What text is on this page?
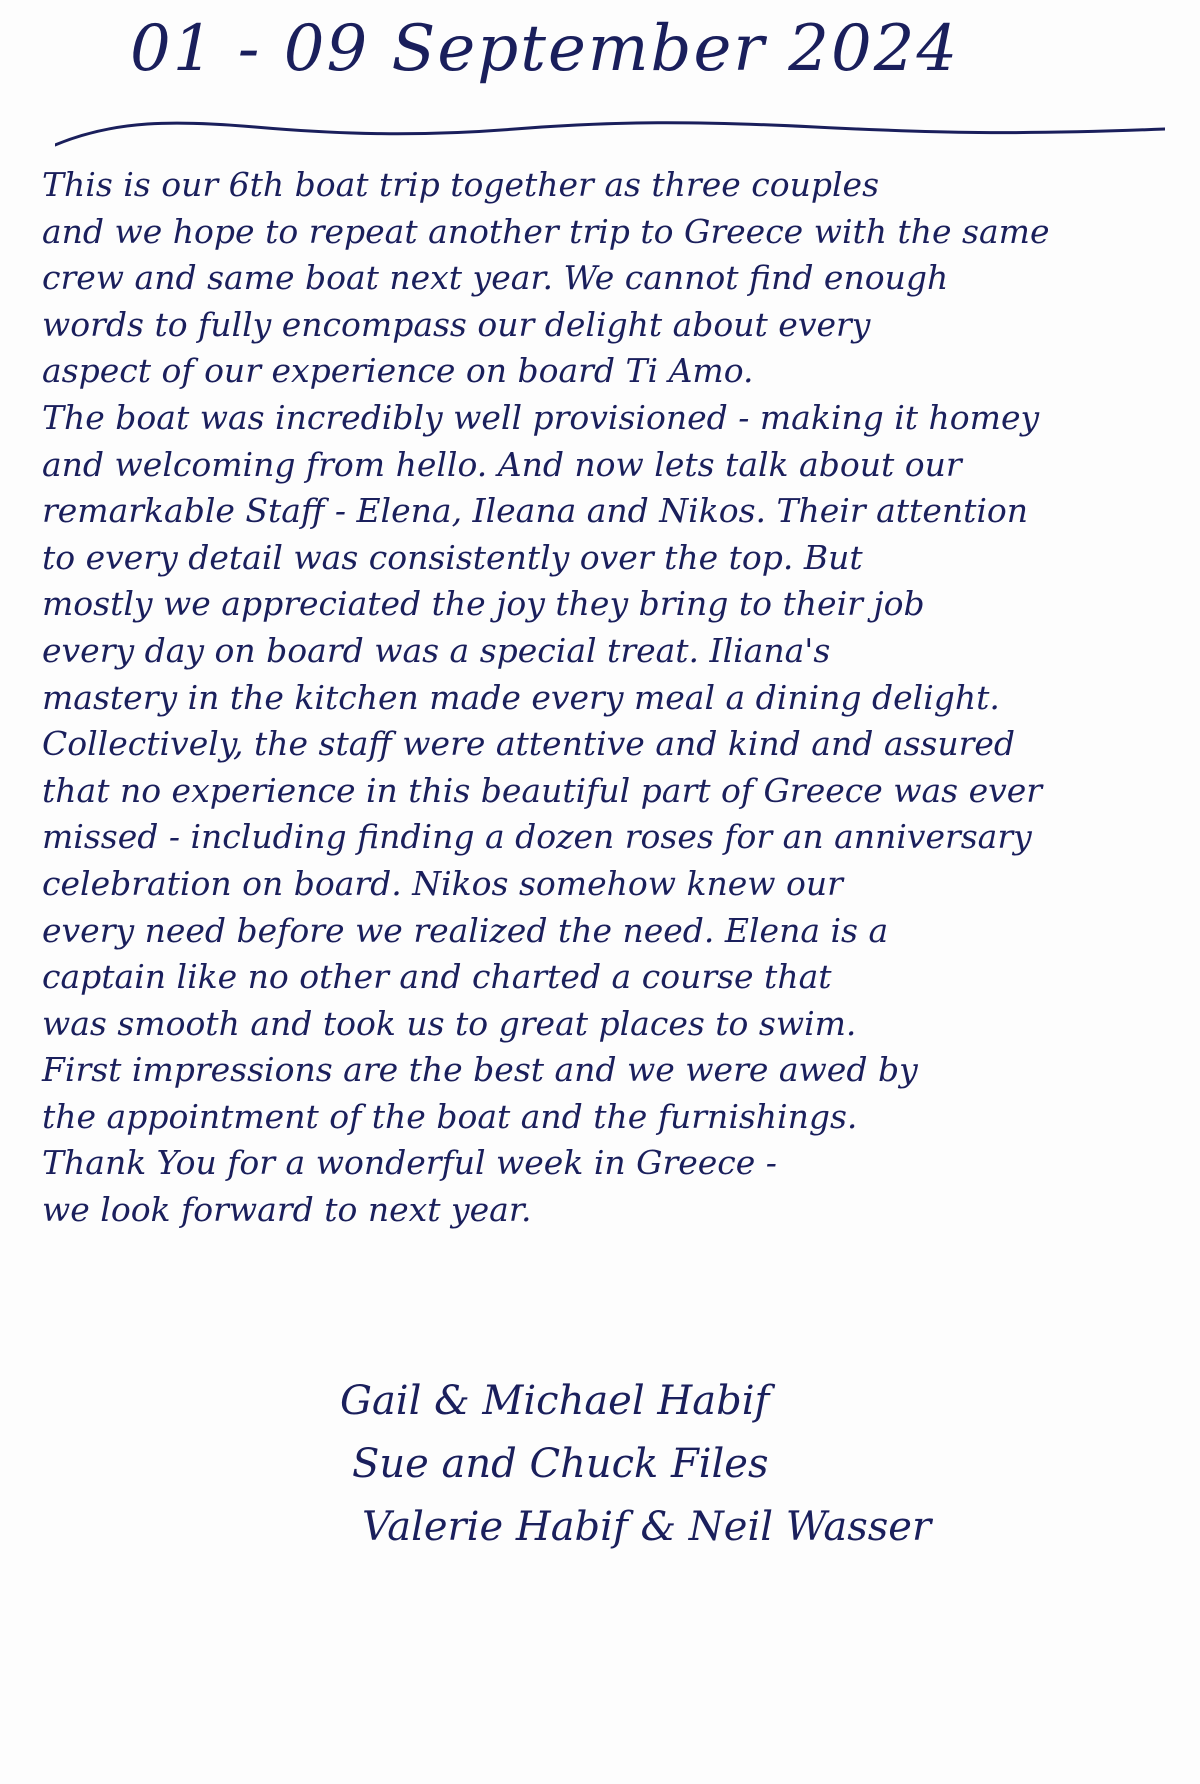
01 - 09 September 2024
This is our 6th boat trip together as three couples
and we hope to repeat another trip to Greece with the same
crew and same boat next year. We cannot find enough
words to fully encompass our delight about every
aspect of our experience on board Ti Amo.
The boat was incredibly well provisioned - making it homey
and welcoming from hello. And now lets talk about our
remarkable Staff - Elena, Ileana and Nikos. Their attention
to every detail was consistently over the top. But
mostly we appreciated the joy they bring to their job
every day on board was a special treat. Iliana's
mastery in the kitchen made every meal a dining delight.
Collectively, the staff were attentive and kind and assured
that no experience in this beautiful part of Greece was ever
missed - including finding a dozen roses for an anniversary
celebration on board. Nikos somehow knew our
every need before we realized the need. Elena is a
captain like no other and charted a course that
was smooth and took us to great places to swim.
First impressions are the best and we were awed by
the appointment of the boat and the furnishings.
Thank You for a wonderful week in Greece -
we look forward to next year.
Gail & Michael Habif
Sue and Chuck Files
Valerie Habif & Neil Wasser
